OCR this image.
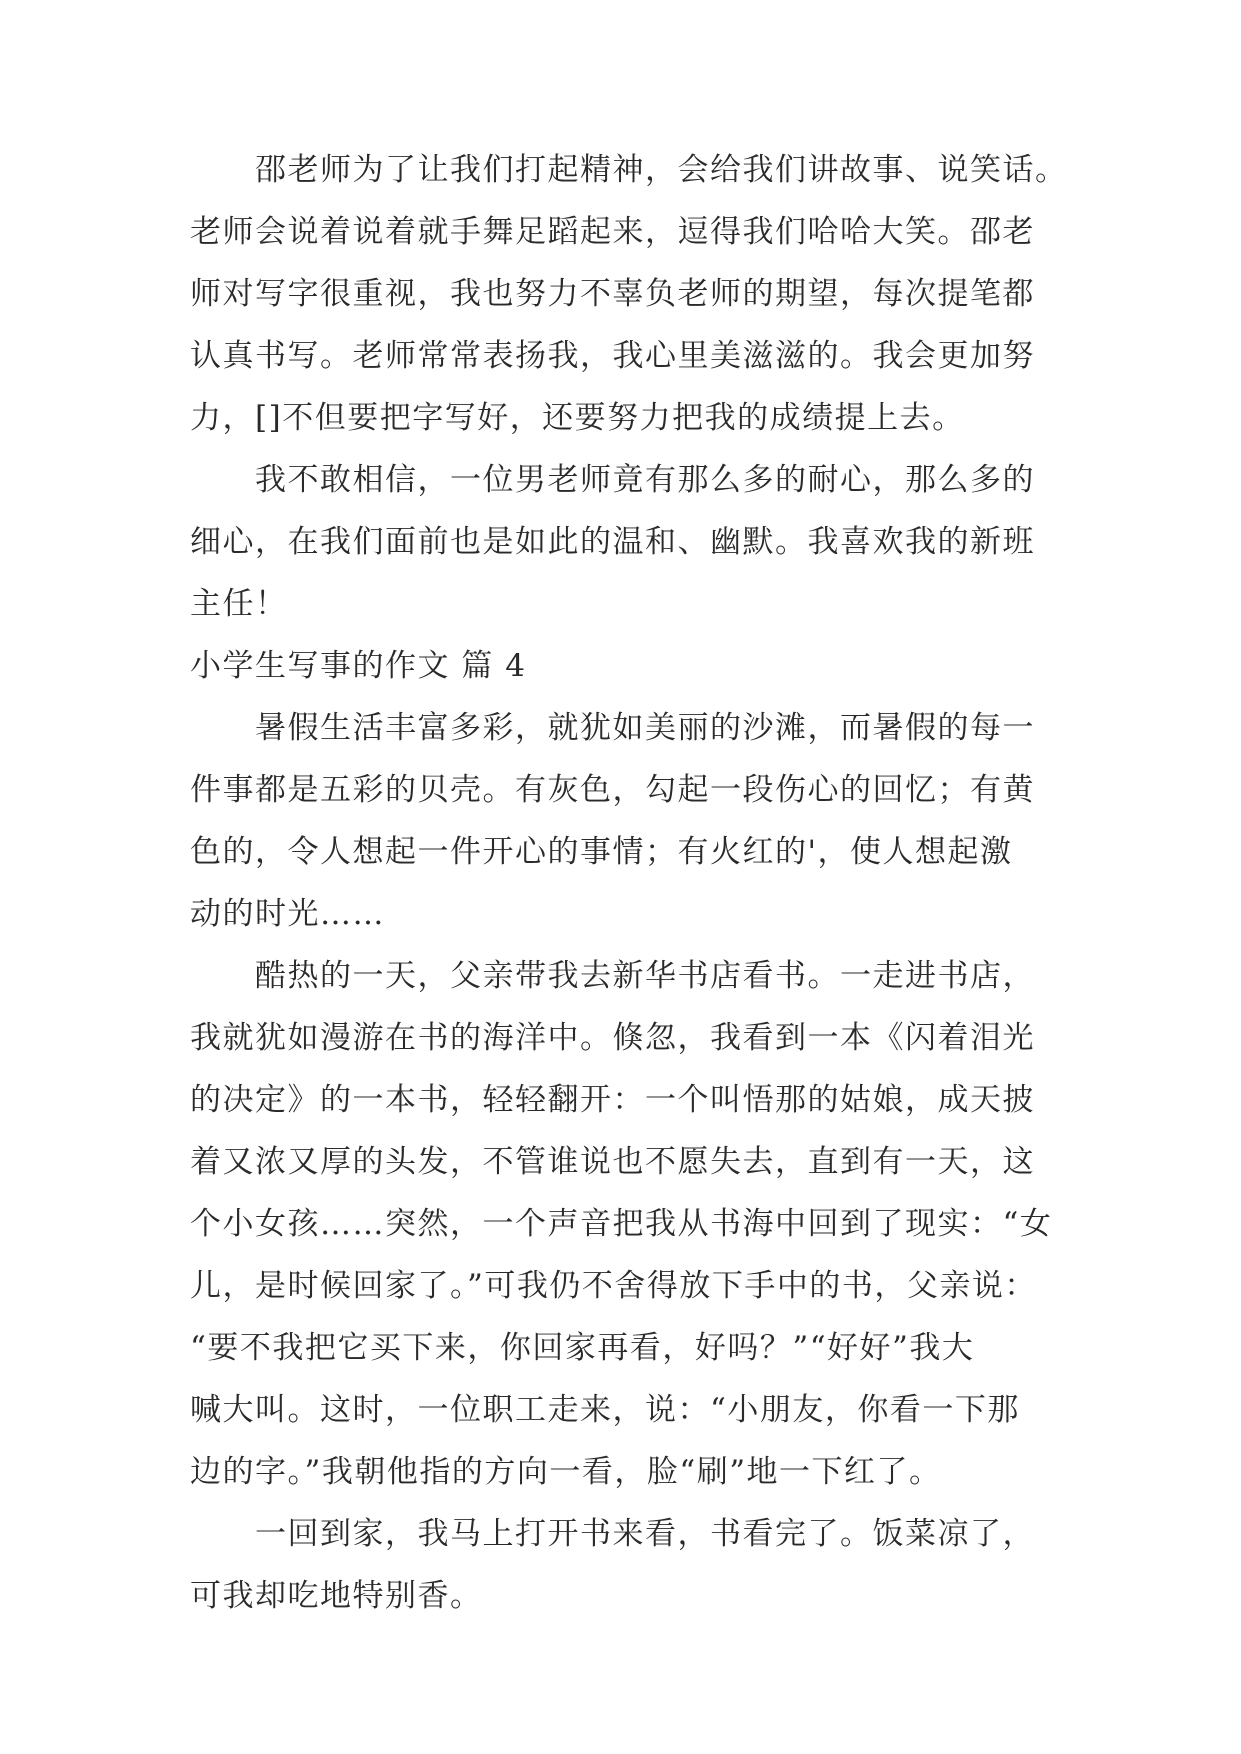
邵老师为了让我们打起精神，会给我们讲故事、说笑话。
老师会说着说着就手舞足蹈起来，逗得我们哈哈大笑。邵老
师对写字很重视，我也努力不辜负老师的期望，每次提笔都
认真书写。老师常常表扬我，我心里美滋滋的。我会更加努
力，[]不但要把字写好，还要努力把我的成绩提上去。
我不敢相信，一位男老师竟有那么多的耐心，那么多的
细心，在我们面前也是如此的温和、幽默。我喜欢我的新班
主任！
小学生写事的作文 篇 4
暑假生活丰富多彩，就犹如美丽的沙滩，而暑假的每一
件事都是五彩的贝壳。有灰色，勾起一段伤心的回忆；有黄
色的，令人想起一件开心的事情；有火红的'，使人想起激
动的时光……
酷热的一天，父亲带我去新华书店看书。一走进书店，
我就犹如漫游在书的海洋中。倏忽，我看到一本《闪着泪光
的决定》的一本书，轻轻翻开：一个叫悟那的姑娘，成天披
着又浓又厚的头发，不管谁说也不愿失去，直到有一天，这
个小女孩……突然，一个声音把我从书海中回到了现实：“女
儿，是时候回家了。”可我仍不舍得放下手中的书，父亲说：
“要不我把它买下来，你回家再看，好吗？”“好好”我大
喊大叫。这时，一位职工走来，说：“小朋友，你看一下那
边的字。”我朝他指的方向一看，脸“刷”地一下红了。
一回到家，我马上打开书来看，书看完了。饭菜凉了，
可我却吃地特别香。
